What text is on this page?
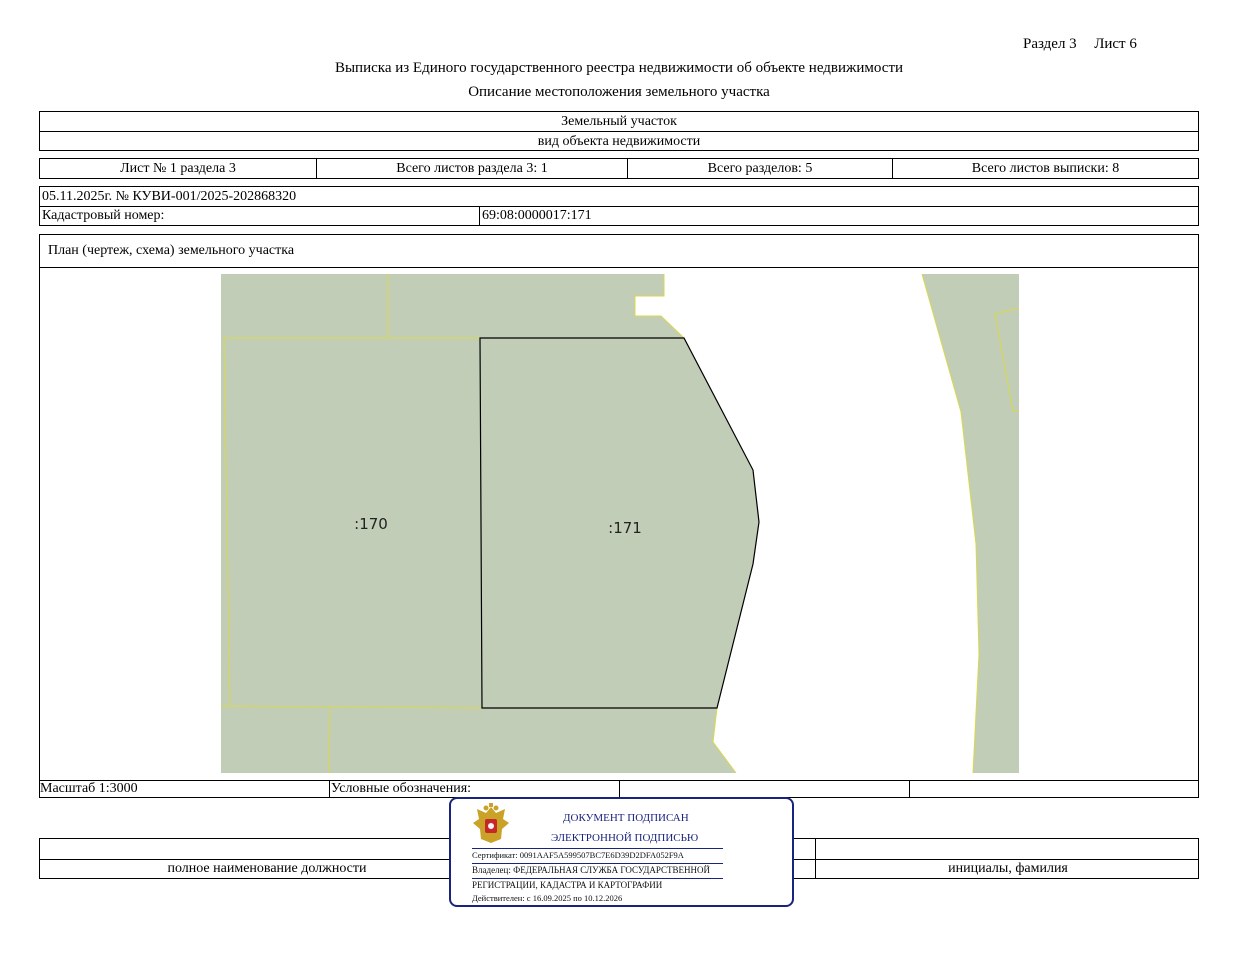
Раздел 3 Лист 6
Выписка из Единого государственного реестра недвижимости об объекте недвижимости
Описание местоположения земельного участка
Земельный участок
вид объекта недвижимости
Лист № 1 раздела 3	Всего листов раздела 3: 1	Всего разделов: 5	Всего листов выписки: 8
05.11.2025г. № КУВИ-001/2025-202868320
Кадастровый номер:	69:08:0000017:171
План (чертеж, схема) земельного участка
:170	:171
Масштаб 1:3000	Условные обозначения:
полное наименование должности	инициалы, фамилия
ДОКУМЕНТ ПОДПИСАН
ЭЛЕКТРОННОЙ ПОДПИСЬЮ
Сертификат: 0091AAF5A599507BC7E6D39D2DFA052F9A
Владелец: ФЕДЕРАЛЬНАЯ СЛУЖБА ГОСУДАРСТВЕННОЙ
РЕГИСТРАЦИИ, КАДАСТРА И КАРТОГРАФИИ
Действителен: с 16.09.2025 по 10.12.2026
